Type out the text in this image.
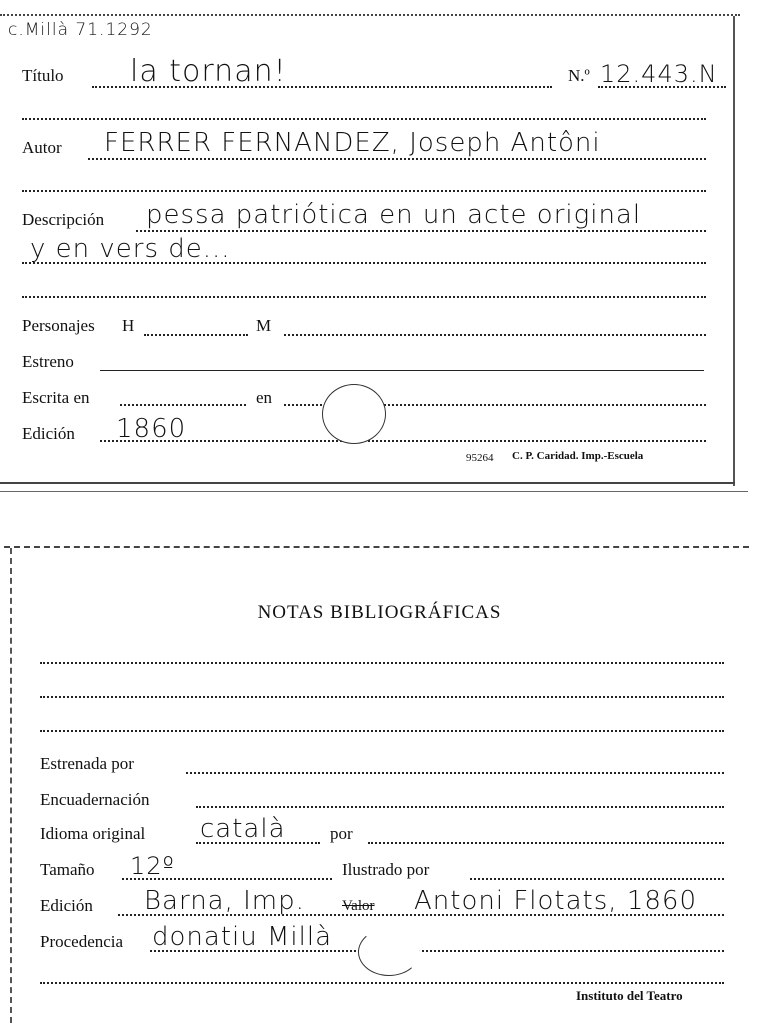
c.Millà 71.1292
Título la tornan!	N.º 12.443.N
Autor FERRER FERNANDEZ, Joseph Antôni
Descripción pessa patriótica en un acte original
y en vers de...
Personajes H	M
Estreno
Escrita en	en
Edición 1860
95264 C. P. Caridad. Imp.-Escuela
NOTAS BIBLIOGRÁFICAS
Estrenada por
Encuadernación
Idioma original català	por
Tamaño 12º	Ilustrado por
Edición Barna, Imp. Valor Antoni Flotats, 1860
Procedencia donatiu Millà
Instituto del Teatro
